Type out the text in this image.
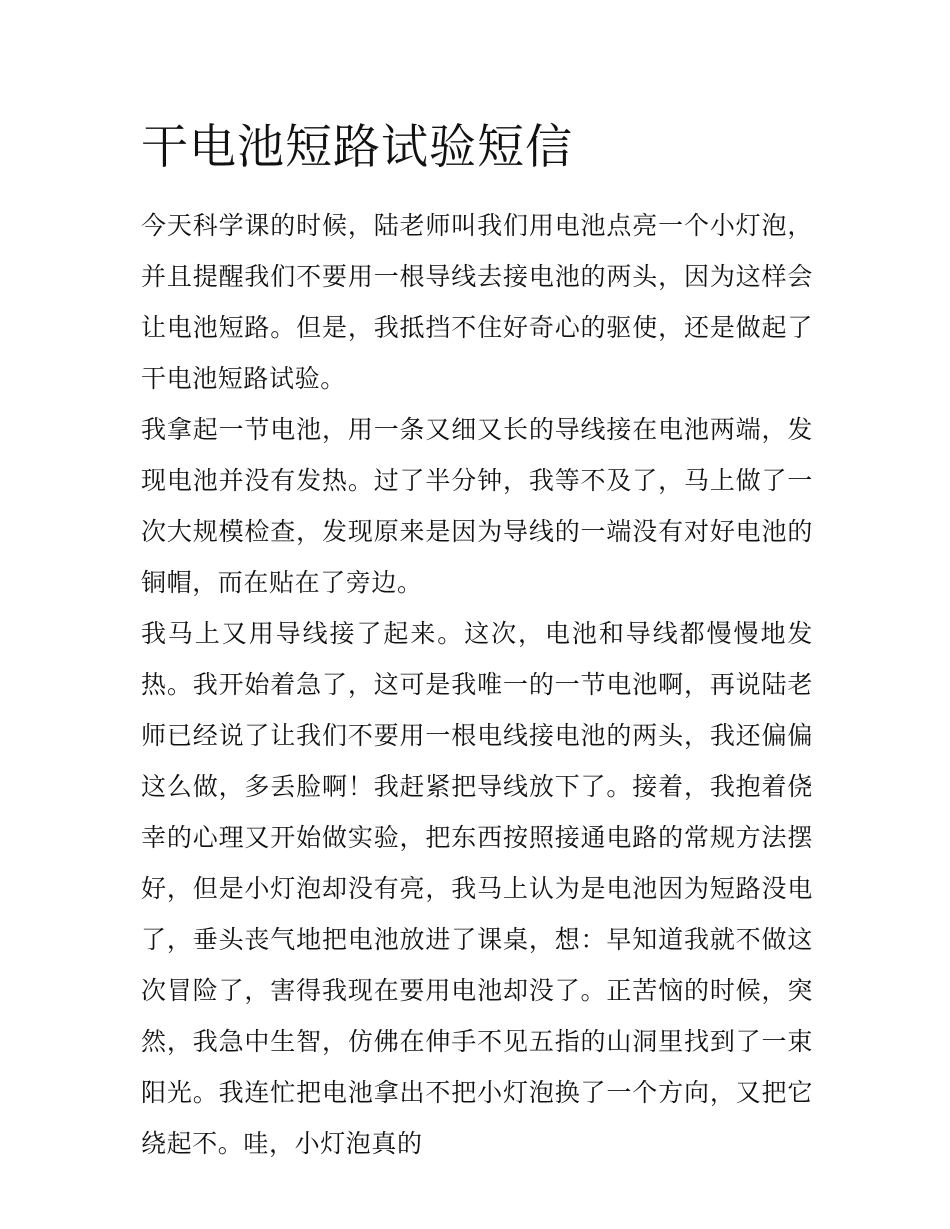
干电池短路试验短信

今天科学课的时候，陆老师叫我们用电池点亮一个小灯泡，并且提醒我们不要用一根导线去接电池的两头，因为这样会让电池短路。但是，我抵挡不住好奇心的驱使，还是做起了干电池短路试验。

我拿起一节电池，用一条又细又长的导线接在电池两端，发现电池并没有发热。过了半分钟，我等不及了，马上做了一次大规模检查，发现原来是因为导线的一端没有对好电池的铜帽，而在贴在了旁边。

我马上又用导线接了起来。这次，电池和导线都慢慢地发热。我开始着急了，这可是我唯一的一节电池啊，再说陆老师已经说了让我们不要用一根电线接电池的两头，我还偏偏这么做，多丢脸啊！我赶紧把导线放下了。接着，我抱着侥幸的心理又开始做实验，把东西按照接通电路的常规方法摆好，但是小灯泡却没有亮，我马上认为是电池因为短路没电了，垂头丧气地把电池放进了课桌，想：早知道我就不做这次冒险了，害得我现在要用电池却没了。正苦恼的时候，突然，我急中生智，仿佛在伸手不见五指的山洞里找到了一束阳光。我连忙把电池拿出不把小灯泡换了一个方向，又把它绕起不。哇，小灯泡真的
